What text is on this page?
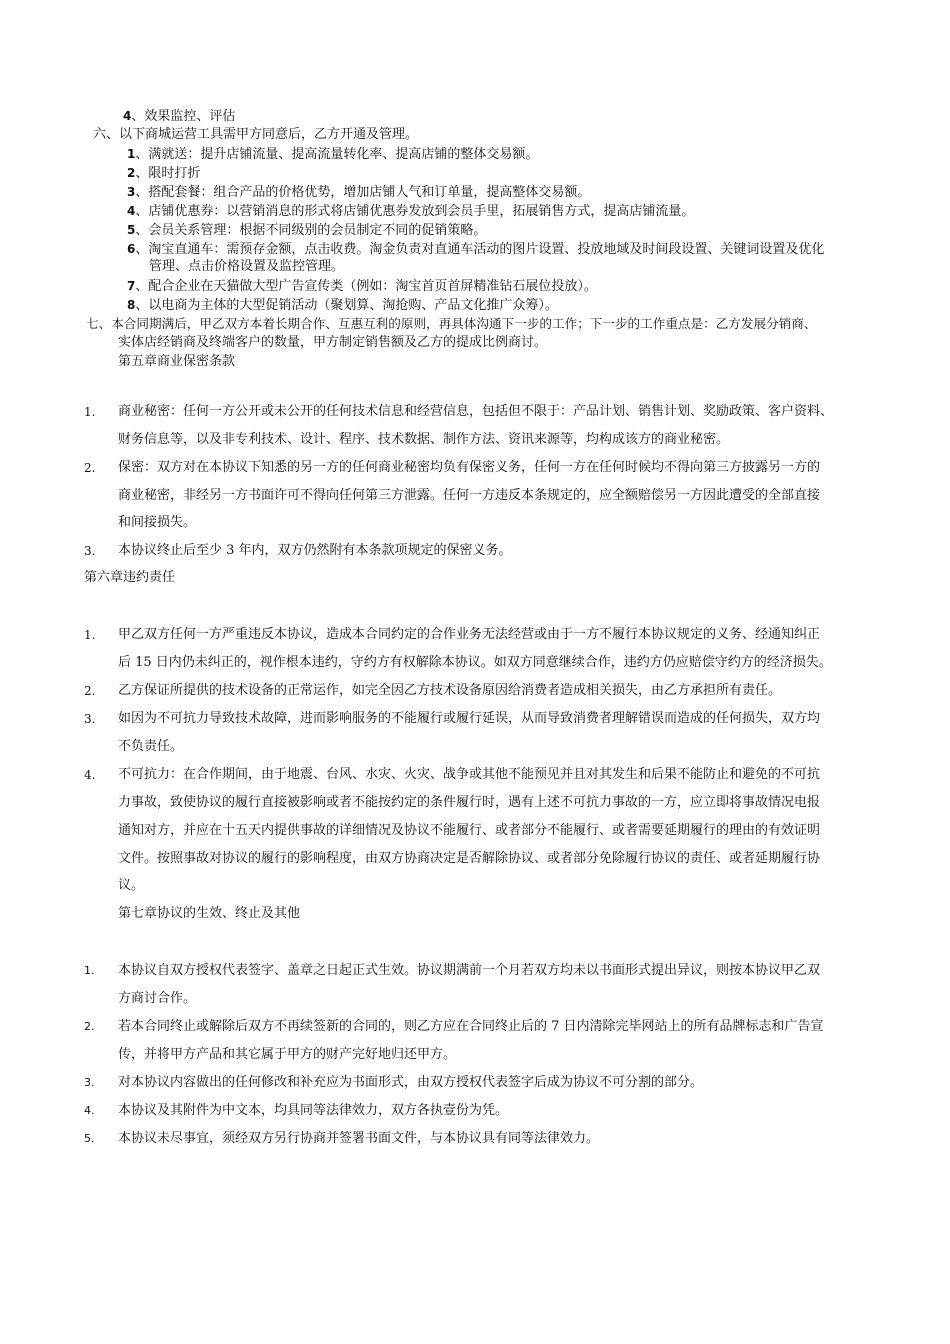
4、效果监控、评估
六、以下商城运营工具需甲方同意后，乙方开通及管理。
1、满就送：提升店铺流量、提高流量转化率、提高店铺的整体交易额。
2、限时打折
3、搭配套餐：组合产品的价格优势，增加店铺人气和订单量，提高整体交易额。
4、店铺优惠券：以营销消息的形式将店铺优惠券发放到会员手里，拓展销售方式，提高店铺流量。
5、会员关系管理：根据不同级别的会员制定不同的促销策略。
6、淘宝直通车：需预存金额，点击收费。淘金负责对直通车活动的图片设置、投放地域及时间段设置、关键词设置及优化
管理、点击价格设置及监控管理。
7、配合企业在天猫做大型广告宣传类（例如：淘宝首页首屏精准钻石展位投放）。
8、以电商为主体的大型促销活动（聚划算、淘抢购、产品文化推广众筹）。
七、本合同期满后，甲乙双方本着长期合作、互惠互利的原则，再具体沟通下一步的工作；下一步的工作重点是：乙方发展分销商、
实体店经销商及终端客户的数量，甲方制定销售额及乙方的提成比例商讨。
第五章商业保密条款
1. 商业秘密：任何一方公开或未公开的任何技术信息和经营信息，包括但不限于：产品计划、销售计划、奖励政策、客户资料、
财务信息等，以及非专利技术、设计、程序、技术数据、制作方法、资讯来源等，均构成该方的商业秘密。
2. 保密：双方对在本协议下知悉的另一方的任何商业秘密均负有保密义务，任何一方在任何时候均不得向第三方披露另一方的
商业秘密，非经另一方书面许可不得向任何第三方泄露。任何一方违反本条规定的，应全额赔偿另一方因此遭受的全部直接
和间接损失。
3. 本协议终止后至少 3 年内，双方仍然附有本条款项规定的保密义务。
第六章违约责任
1. 甲乙双方任何一方严重违反本协议，造成本合同约定的合作业务无法经营或由于一方不履行本协议规定的义务、经通知纠正
后 15 日内仍未纠正的，视作根本违约，守约方有权解除本协议。如双方同意继续合作，违约方仍应赔偿守约方的经济损失。
2. 乙方保证所提供的技术设备的正常运作，如完全因乙方技术设备原因给消费者造成相关损失，由乙方承担所有责任。
3. 如因为不可抗力导致技术故障，进而影响服务的不能履行或履行延误，从而导致消费者理解错误而造成的任何损失，双方均
不负责任。
4. 不可抗力：在合作期间，由于地震、台风、水灾、火灾、战争或其他不能预见并且对其发生和后果不能防止和避免的不可抗
力事故，致使协议的履行直接被影响或者不能按约定的条件履行时，遇有上述不可抗力事故的一方，应立即将事故情况电报
通知对方，并应在十五天内提供事故的详细情况及协议不能履行、或者部分不能履行、或者需要延期履行的理由的有效证明
文件。按照事故对协议的履行的影响程度，由双方协商决定是否解除协议、或者部分免除履行协议的责任、或者延期履行协
议。
第七章协议的生效、终止及其他
1. 本协议自双方授权代表签字、盖章之日起正式生效。协议期满前一个月若双方均未以书面形式提出异议，则按本协议甲乙双
方商讨合作。
2. 若本合同终止或解除后双方不再续签新的合同的，则乙方应在合同终止后的 7 日内清除完毕网站上的所有品牌标志和广告宣
传，并将甲方产品和其它属于甲方的财产完好地归还甲方。
3. 对本协议内容做出的任何修改和补充应为书面形式，由双方授权代表签字后成为协议不可分割的部分。
4. 本协议及其附件为中文本，均具同等法律效力，双方各执壹份为凭。
5. 本协议未尽事宜，须经双方另行协商并签署书面文件，与本协议具有同等法律效力。
